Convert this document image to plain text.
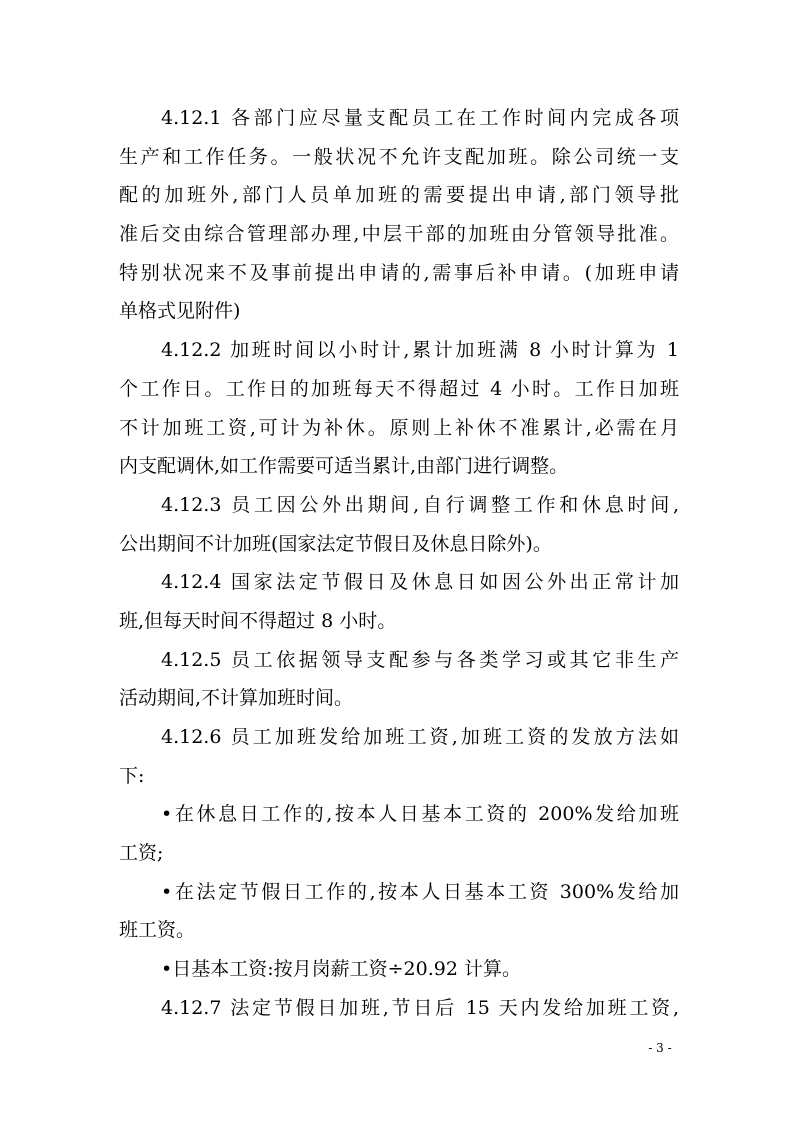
4.12.1 各部门应尽量支配员工在工作时间内完成各项
生产和工作任务。一般状况不允许支配加班。除公司统一支
配的加班外,部门人员单加班的需要提出申请,部门领导批
准后交由综合管理部办理,中层干部的加班由分管领导批准。
特别状况来不及事前提出申请的,需事后补申请。(加班申请
单格式见附件)
4.12.2 加班时间以小时计,累计加班满 8 小时计算为 1
个工作日。工作日的加班每天不得超过 4 小时。工作日加班
不计加班工资,可计为补休。原则上补休不准累计,必需在月
内支配调休,如工作需要可适当累计,由部门进行调整。
4.12.3 员工因公外出期间,自行调整工作和休息时间,
公出期间不计加班(国家法定节假日及休息日除外)。
4.12.4 国家法定节假日及休息日如因公外出正常计加
班,但每天时间不得超过 8 小时。
4.12.5 员工依据领导支配参与各类学习或其它非生产
活动期间,不计算加班时间。
4.12.6 员工加班发给加班工资,加班工资的发放方法如
下:
•在休息日工作的,按本人日基本工资的 200%发给加班
工资;
•在法定节假日工作的,按本人日基本工资 300%发给加
班工资。
•日基本工资:按月岗薪工资÷20.92 计算。
4.12.7 法定节假日加班,节日后 15 天内发给加班工资,
- 3 -
